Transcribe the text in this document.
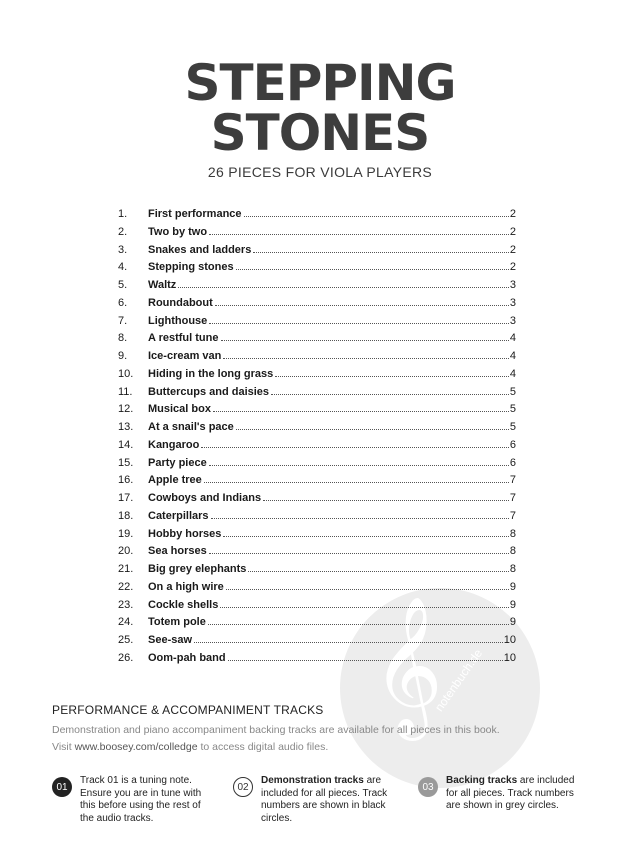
STEPPING
STONES
26 PIECES FOR VIOLA PLAYERS
𝄞
notenbuch.de
1.	First performance	2
2.	Two by two	2
3.	Snakes and ladders	2
4.	Stepping stones	2
5.	Waltz	3
6.	Roundabout	3
7.	Lighthouse	3
8.	A restful tune	4
9.	Ice-cream van	4
10.	Hiding in the long grass	4
11.	Buttercups and daisies	5
12.	Musical box	5
13.	At a snail's pace	5
14.	Kangaroo	6
15.	Party piece	6
16.	Apple tree	7
17.	Cowboys and Indians	7
18.	Caterpillars	7
19.	Hobby horses	8
20.	Sea horses	8
21.	Big grey elephants	8
22.	On a high wire	9
23.	Cockle shells	9
24.	Totem pole	9
25.	See-saw	10
26.	Oom-pah band	10
PERFORMANCE & ACCOMPANIMENT TRACKS
Demonstration and piano accompaniment backing tracks are available for all pieces in this book.
Visit www.boosey.com/colledge to access digital audio files.
01
Track 01 is a tuning note. Ensure you are in tune with this before using the rest of the audio tracks.
02
Demonstration tracks are included for all pieces. Track numbers are shown in black circles.
03
Backing tracks are included for all pieces. Track numbers are shown in grey circles.
